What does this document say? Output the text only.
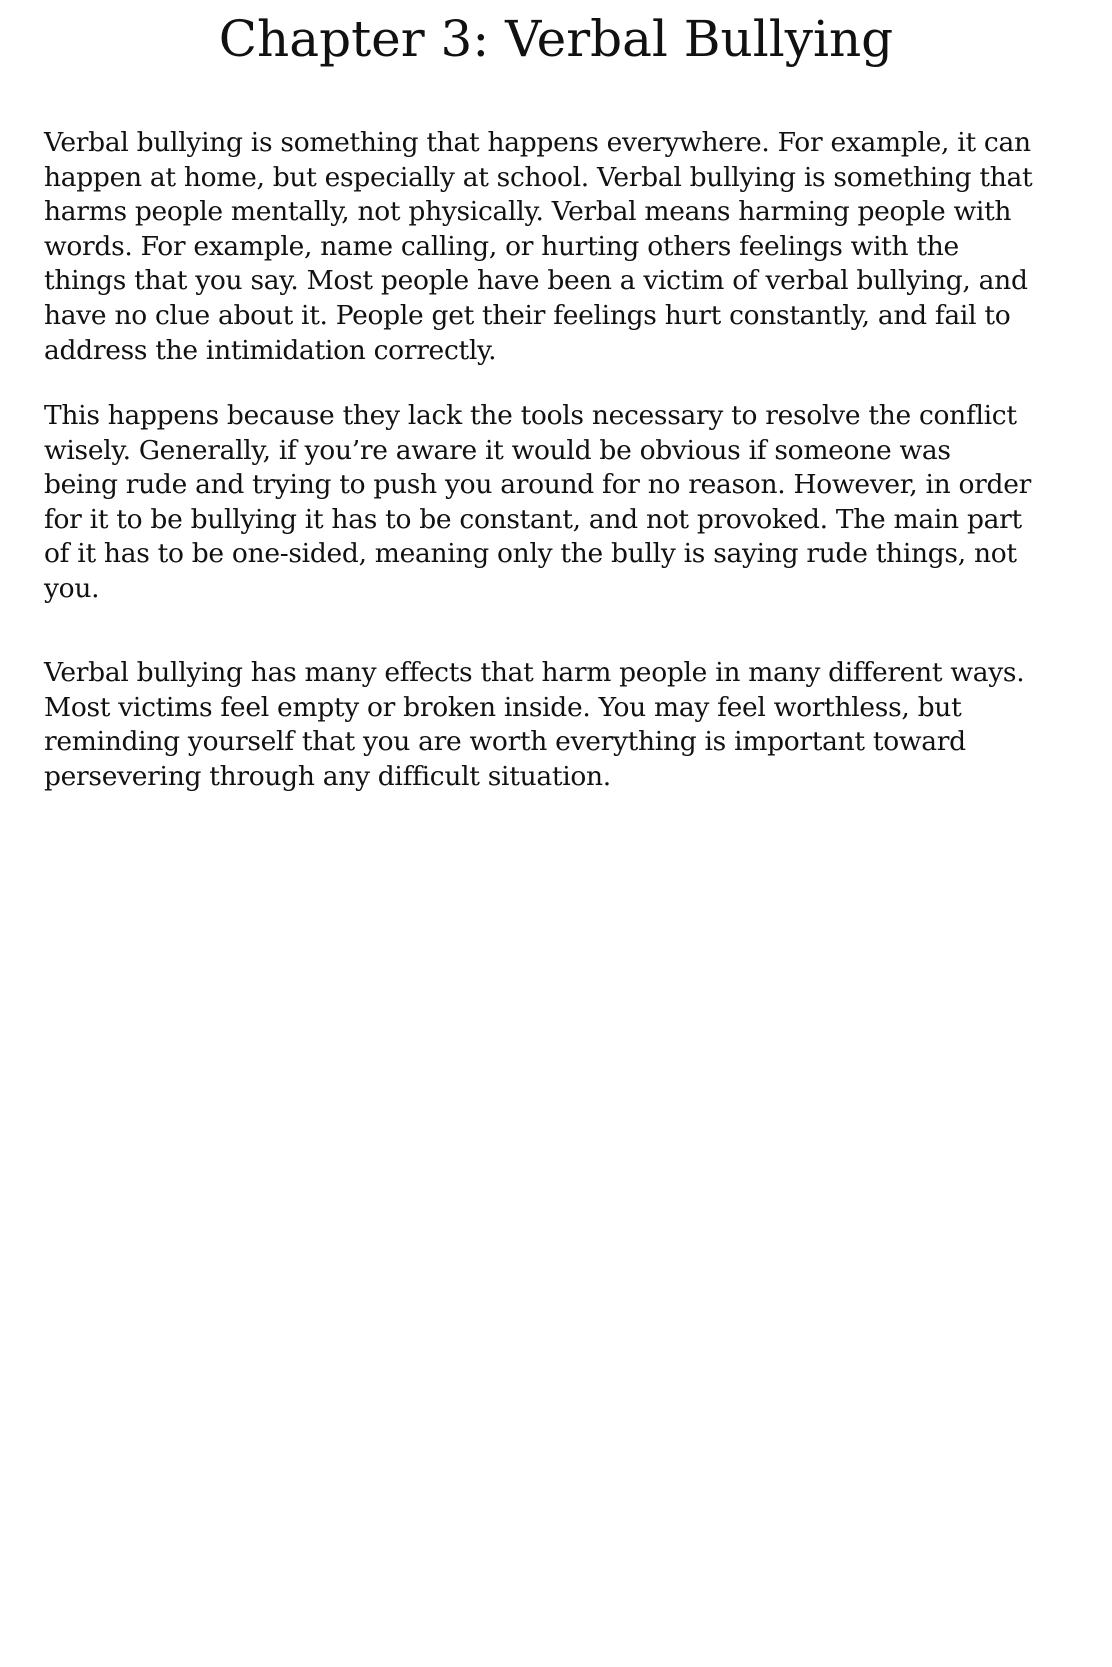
Chapter 3: Verbal Bullying
Verbal bullying is something that happens everywhere. For example, it can
happen at home, but especially at school. Verbal bullying is something that
harms people mentally, not physically. Verbal means harming people with
words. For example, name calling, or hurting others feelings with the
things that you say. Most people have been a victim of verbal bullying, and
have no clue about it. People get their feelings hurt constantly, and fail to
address the intimidation correctly.
This happens because they lack the tools necessary to resolve the conflict
wisely. Generally, if you’re aware it would be obvious if someone was
being rude and trying to push you around for no reason. However, in order
for it to be bullying it has to be constant, and not provoked. The main part
of it has to be one-sided, meaning only the bully is saying rude things, not
you.
Verbal bullying has many effects that harm people in many different ways.
Most victims feel empty or broken inside. You may feel worthless, but
reminding yourself that you are worth everything is important toward
persevering through any difficult situation.
